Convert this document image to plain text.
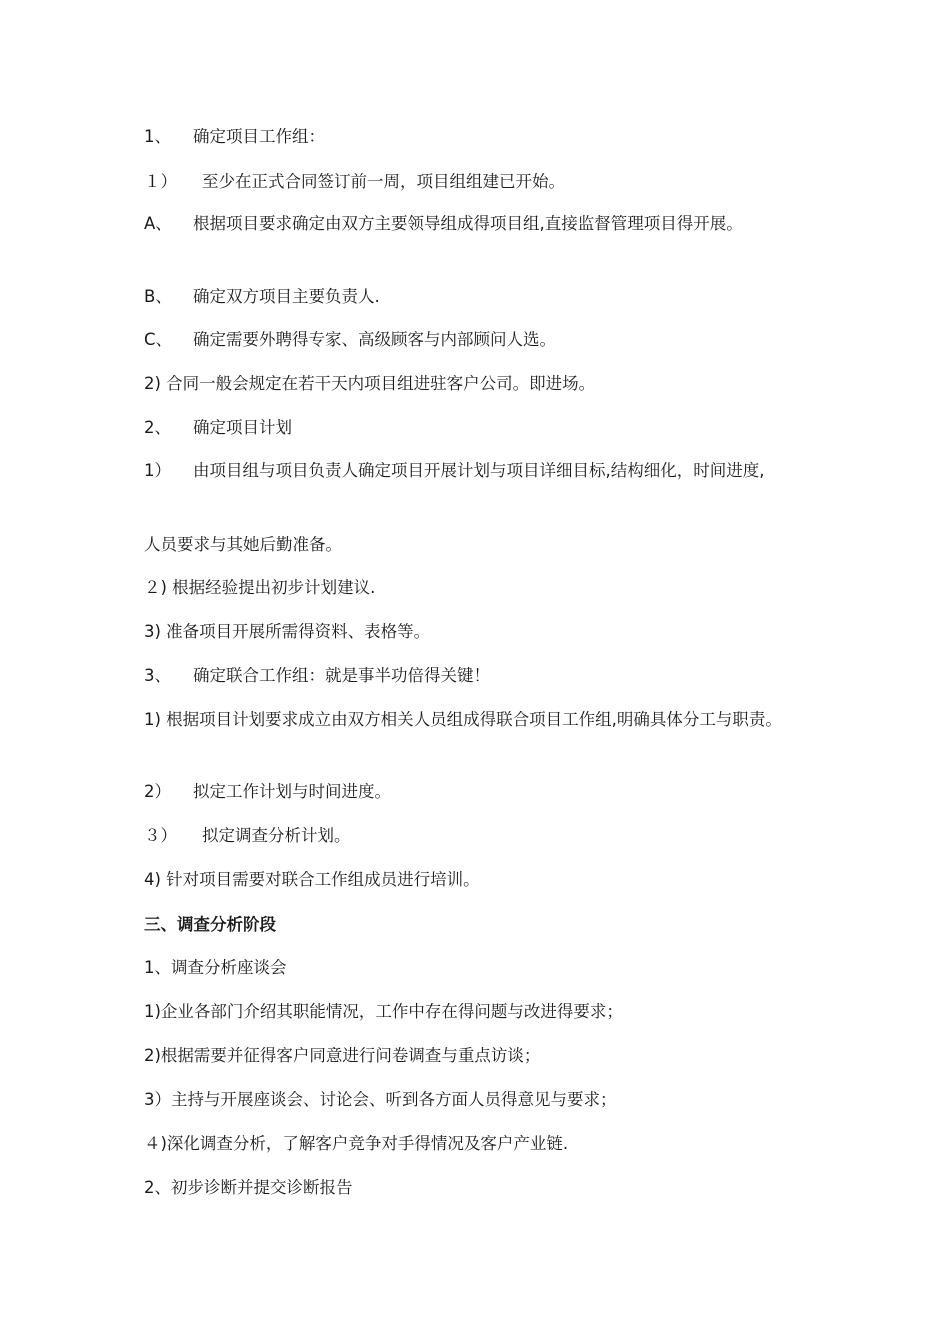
1、 确定项目工作组：
１） 至少在正式合同签订前一周，项目组组建已开始。
A、 根据项目要求确定由双方主要领导组成得项目组,直接监督管理项目得开展。
B、 确定双方项目主要负责人.
C、 确定需要外聘得专家、高级顾客与内部顾问人选。
2) 合同一般会规定在若干天内项目组进驻客户公司。即进场。
2、 确定项目计划
1） 由项目组与项目负责人确定项目开展计划与项目详细目标,结构细化，时间进度,
人员要求与其她后勤准备。
２) 根据经验提出初步计划建议.
3) 准备项目开展所需得资料、表格等。
3、 确定联合工作组：就是事半功倍得关键！
1) 根据项目计划要求成立由双方相关人员组成得联合项目工作组,明确具体分工与职责。
2） 拟定工作计划与时间进度。
３） 拟定调查分析计划。
4) 针对项目需要对联合工作组成员进行培训。
三、调查分析阶段
1、调查分析座谈会
1)企业各部门介绍其职能情况，工作中存在得问题与改进得要求；
2)根据需要并征得客户同意进行问卷调查与重点访谈；
3）主持与开展座谈会、讨论会、听到各方面人员得意见与要求；
４)深化调查分析，了解客户竞争对手得情况及客户产业链.
2、初步诊断并提交诊断报告
